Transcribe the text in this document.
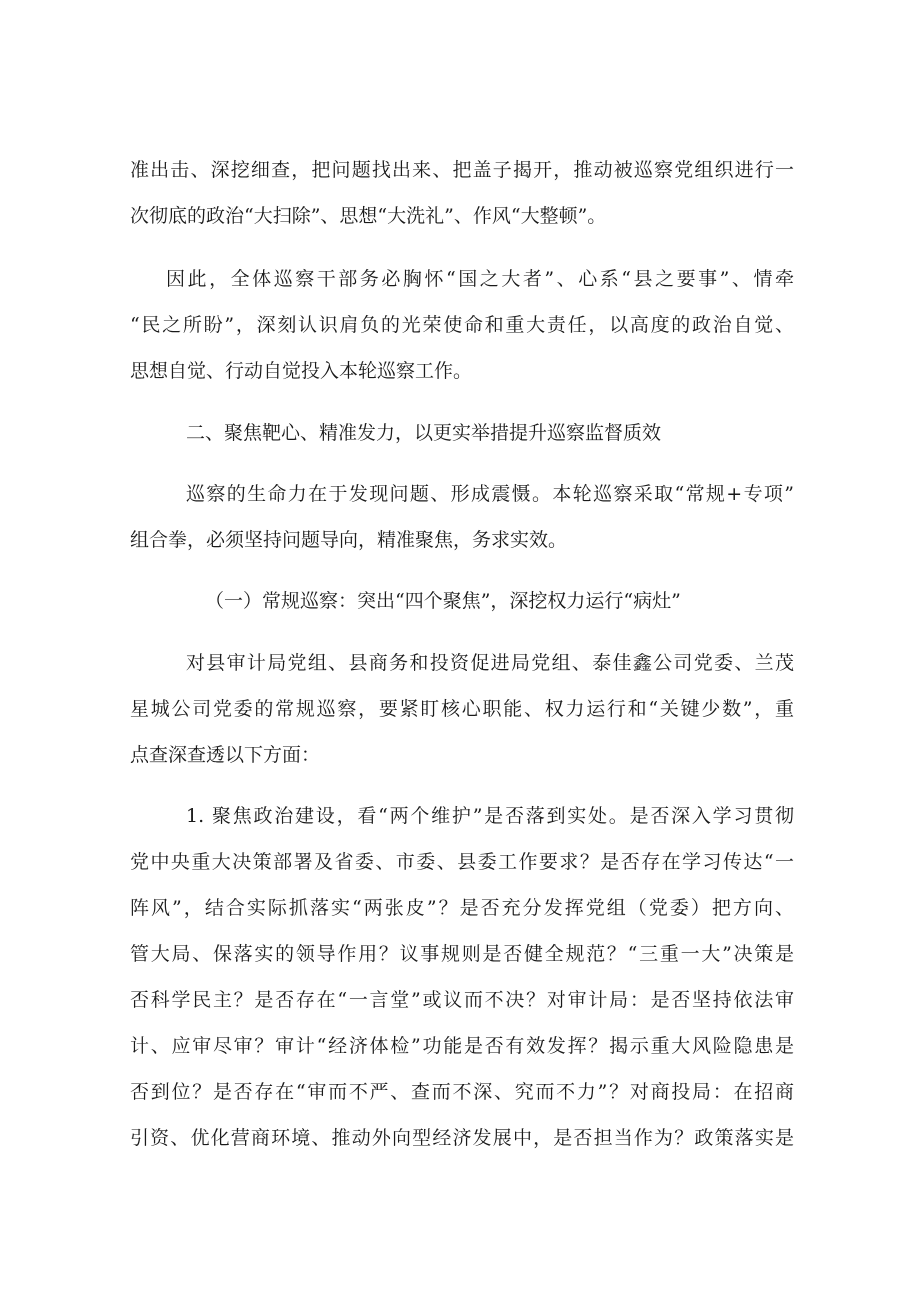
准出击、深挖细查，把问题找出来、把盖子揭开，推动被巡察党组织进行一
次彻底的政治“大扫除”、思想“大洗礼”、作风“大整顿”。
因此，全体巡察干部务必胸怀“国之大者”、心系“县之要事”、情牵
“民之所盼”，深刻认识肩负的光荣使命和重大责任，以高度的政治自觉、
思想自觉、行动自觉投入本轮巡察工作。
二、聚焦靶心、精准发力，以更实举措提升巡察监督质效
巡察的生命力在于发现问题、形成震慑。本轮巡察采取“常规+专项”
组合拳，必须坚持问题导向，精准聚焦，务求实效。
（一）常规巡察：突出“四个聚焦”，深挖权力运行“病灶”
对县审计局党组、县商务和投资促进局党组、泰佳鑫公司党委、兰茂
星城公司党委的常规巡察，要紧盯核心职能、权力运行和“关键少数”，重
点查深查透以下方面：
1. 聚焦政治建设，看“两个维护”是否落到实处。是否深入学习贯彻
党中央重大决策部署及省委、市委、县委工作要求？是否存在学习传达“一
阵风”，结合实际抓落实“两张皮”？是否充分发挥党组（党委）把方向、
管大局、保落实的领导作用？议事规则是否健全规范？“三重一大”决策是
否科学民主？是否存在“一言堂”或议而不决？对审计局：是否坚持依法审
计、应审尽审？审计“经济体检”功能是否有效发挥？揭示重大风险隐患是
否到位？是否存在“审而不严、查而不深、究而不力”？对商投局：在招商
引资、优化营商环境、推动外向型经济发展中，是否担当作为？政策落实是
